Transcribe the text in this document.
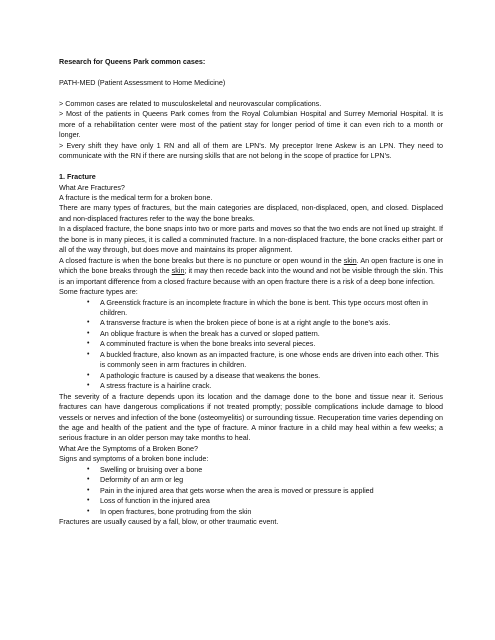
Research for Queens Park common cases:

PATH-MED (Patient Assessment to Home Medicine)

> Common cases are related to musculoskeletal and neurovascular complications.

> Most of the patients in Queens Park comes from the Royal Columbian Hospital and Surrey Memorial Hospital. It is more of a rehabilitation center were most of the patient stay for longer period of time it can even rich to a month or longer.

> Every shift they have only 1 RN and all of them are LPN's. My preceptor Irene Askew is an LPN. They need to communicate with the RN if there are nursing skills that are not belong in the scope of practice for LPN's.

1. Fracture

What Are Fractures?

A fracture is the medical term for a broken bone.

There are many types of fractures, but the main categories are displaced, non-displaced, open, and closed. Displaced and non-displaced fractures refer to the way the bone breaks.

In a displaced fracture, the bone snaps into two or more parts and moves so that the two ends are not lined up straight. If the bone is in many pieces, it is called a comminuted fracture. In a non-displaced fracture, the bone cracks either part or all of the way through, but does move and maintains its proper alignment.

A closed fracture is when the bone breaks but there is no puncture or open wound in the skin. An open fracture is one in which the bone breaks through the skin; it may then recede back into the wound and not be visible through the skin. This is an important difference from a closed fracture because with an open fracture there is a risk of a deep bone infection.

Some fracture types are:

• A Greenstick fracture is an incomplete fracture in which the bone is bent. This type occurs most often in children.
• A transverse fracture is when the broken piece of bone is at a right angle to the bone's axis.
• An oblique fracture is when the break has a curved or sloped pattern.
• A comminuted fracture is when the bone breaks into several pieces.
• A buckled fracture, also known as an impacted fracture, is one whose ends are driven into each other. This is commonly seen in arm fractures in children.
• A pathologic fracture is caused by a disease that weakens the bones.
• A stress fracture is a hairline crack.

The severity of a fracture depends upon its location and the damage done to the bone and tissue near it. Serious fractures can have dangerous complications if not treated promptly; possible complications include damage to blood vessels or nerves and infection of the bone (osteomyelitis) or surrounding tissue. Recuperation time varies depending on the age and health of the patient and the type of fracture. A minor fracture in a child may heal within a few weeks; a serious fracture in an older person may take months to heal.

What Are the Symptoms of a Broken Bone?

Signs and symptoms of a broken bone include:

• Swelling or bruising over a bone
• Deformity of an arm or leg
• Pain in the injured area that gets worse when the area is moved or pressure is applied
• Loss of function in the injured area
• In open fractures, bone protruding from the skin

Fractures are usually caused by a fall, blow, or other traumatic event.
